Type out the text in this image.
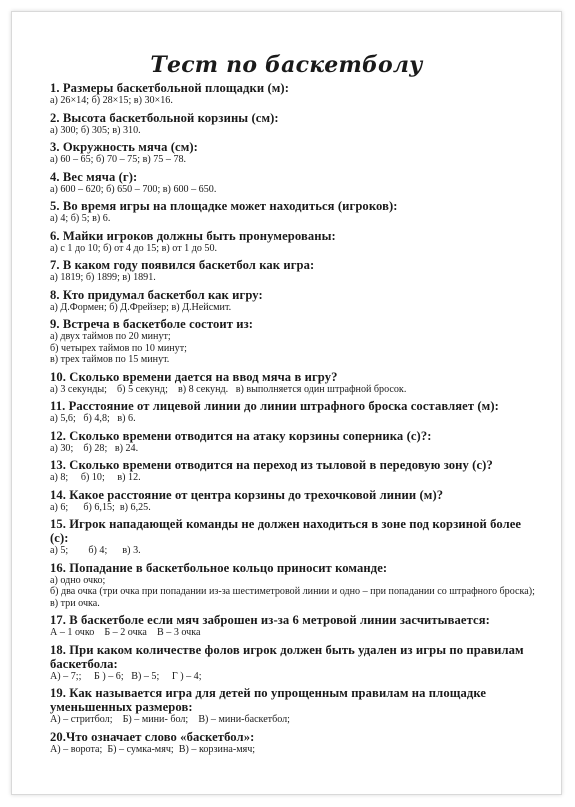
Тест по баскетболу

1. Размеры баскетбольной площадки (м):

а) 26×14; б) 28×15; в) 30×16.

2. Высота баскетбольной корзины (см):

а) 300; б) 305; в) 310.

3. Окружность мяча (см):

а) 60 – 65; б) 70 – 75; в) 75 – 78.

4. Вес мяча (г):

а) 600 – 620; б) 650 – 700; в) 600 – 650.

5. Во время игры на площадке может находиться (игроков):

а) 4; б) 5; в) 6.

6. Майки игроков должны быть пронумерованы:

а) с 1 до 10; б) от 4 до 15; в) от 1 до 50.

7. В каком году появился баскетбол как игра:

а) 1819; б) 1899; в) 1891.

8. Кто придумал баскетбол как игру:

а) Д.Формен; б) Д.Фрейзер; в) Д.Нейсмит.

9. Встреча в баскетболе состоит из:

а) двух таймов по 20 минут;
б) четырех таймов по 10 минут;
в) трех таймов по 15 минут.

10. Сколько времени дается на ввод мяча в игру?

а) 3 секунды;    б) 5 секунд;    в) 8 секунд.   в) выполняется один штрафной бросок.

11. Расстояние от лицевой линии до линии штрафного броска составляет (м):

а) 5,6;   б) 4,8;   в) 6.

12. Сколько времени отводится на атаку корзины соперника (с)?:

а) 30;    б) 28;   в) 24.

13. Сколько времени отводится на переход из тыловой в передовую зону (с)?

а) 8;     б) 10;     в) 12.

14. Какое расстояние от центра корзины до трехочковой линии (м)?

а) 6;      б) 6,15;  в) 6,25.

15. Игрок нападающей команды не должен находиться в зоне под корзиной более (с):

а) 5;        б) 4;      в) 3.

16. Попадание в баскетбольное кольцо приносит команде:

а) одно очко;
б) два очка (три очка при попадании из-за шестиметровой линии и одно – при попадании со штрафного броска);       в) три очка.

17. В баскетболе если мяч заброшен из-за 6 метровой линии засчитывается:

А – 1 очко    Б – 2 очка    В – 3 очка

18. При каком количестве фолов игрок должен быть удален из игры по правилам баскетбола:

А) – 7;;     Б ) – 6;   В) – 5;     Г ) – 4;

19. Как называется игра для детей по упрощенным правилам на площадке уменьшенных размеров:

А) – стритбол;    Б) – мини- бол;    В) – мини-баскетбол;

20.Что означает слово «баскетбол»:

А) – ворота;  Б) – сумка-мяч;  В) – корзина-мяч;
